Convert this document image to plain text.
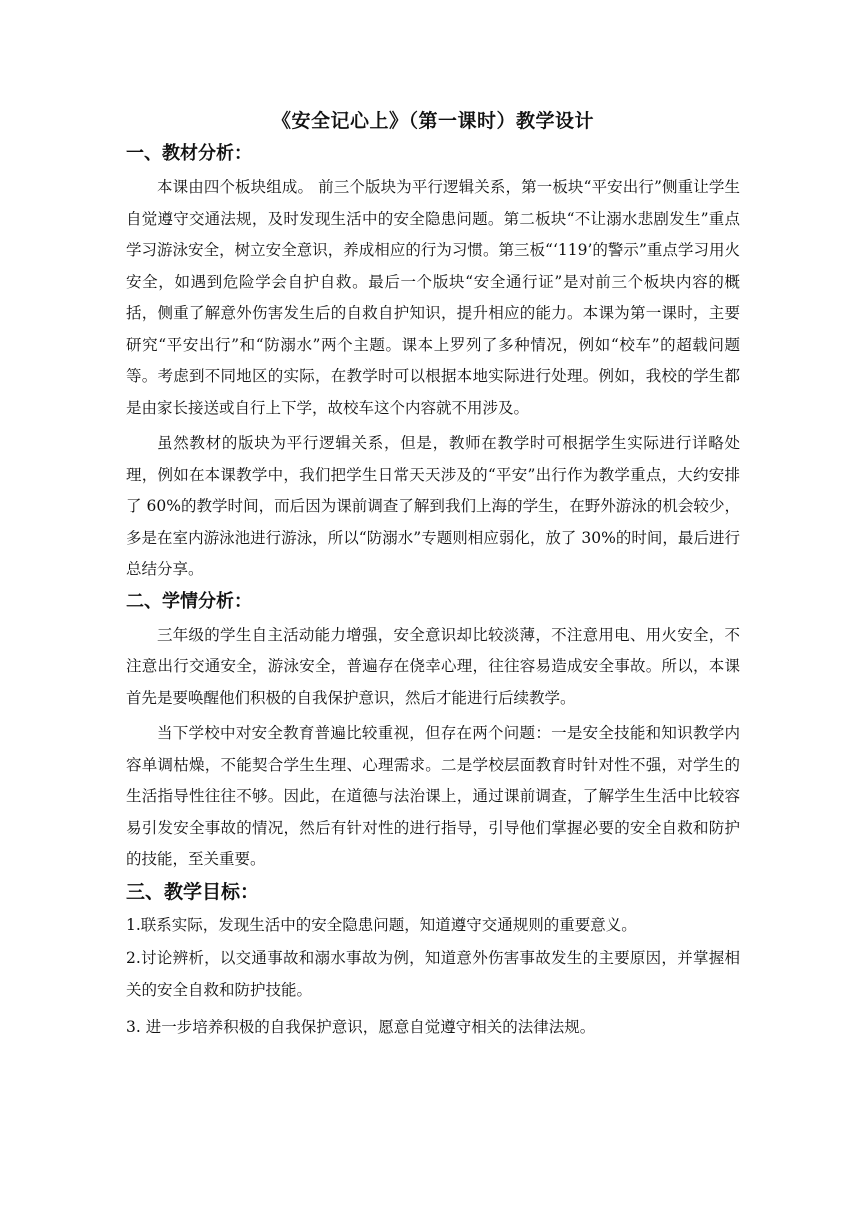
《安全记心上》（第一课时）教学设计
一、教材分析：

本课由四个板块组成。 前三个版块为平行逻辑关系，第一板块“平安出行”侧重让学生自觉遵守交通法规，及时发现生活中的安全隐患问题。第二板块“不让溺水悲剧发生”重点学习游泳安全，树立安全意识，养成相应的行为习惯。第三板“‘119’的警示”重点学习用火安全，如遇到危险学会自护自救。最后一个版块“安全通行证”是对前三个板块内容的概括，侧重了解意外伤害发生后的自救自护知识，提升相应的能力。本课为第一课时，主要研究“平安出行”和“防溺水”两个主题。课本上罗列了多种情况，例如“校车”的超载问题等。考虑到不同地区的实际，在教学时可以根据本地实际进行处理。例如，我校的学生都是由家长接送或自行上下学，故校车这个内容就不用涉及。

虽然教材的版块为平行逻辑关系，但是，教师在教学时可根据学生实际进行详略处理，例如在本课教学中，我们把学生日常天天涉及的“平安”出行作为教学重点，大约安排了 60%的教学时间，而后因为课前调查了解到我们上海的学生，在野外游泳的机会较少，多是在室内游泳池进行游泳，所以“防溺水”专题则相应弱化，放了 30%的时间，最后进行总结分享。

二、学情分析：

三年级的学生自主活动能力增强，安全意识却比较淡薄，不注意用电、用火安全，不注意出行交通安全，游泳安全，普遍存在侥幸心理，往往容易造成安全事故。所以，本课首先是要唤醒他们积极的自我保护意识，然后才能进行后续教学。

当下学校中对安全教育普遍比较重视，但存在两个问题：一是安全技能和知识教学内容单调枯燥，不能契合学生生理、心理需求。二是学校层面教育时针对性不强，对学生的生活指导性往往不够。因此，在道德与法治课上，通过课前调查，了解学生生活中比较容易引发安全事故的情况，然后有针对性的进行指导，引导他们掌握必要的安全自救和防护的技能，至关重要。

三、教学目标：

1.联系实际，发现生活中的安全隐患问题，知道遵守交通规则的重要意义。

2.讨论辨析，以交通事故和溺水事故为例，知道意外伤害事故发生的主要原因，并掌握相关的安全自救和防护技能。

3. 进一步培养积极的自我保护意识，愿意自觉遵守相关的法律法规。
